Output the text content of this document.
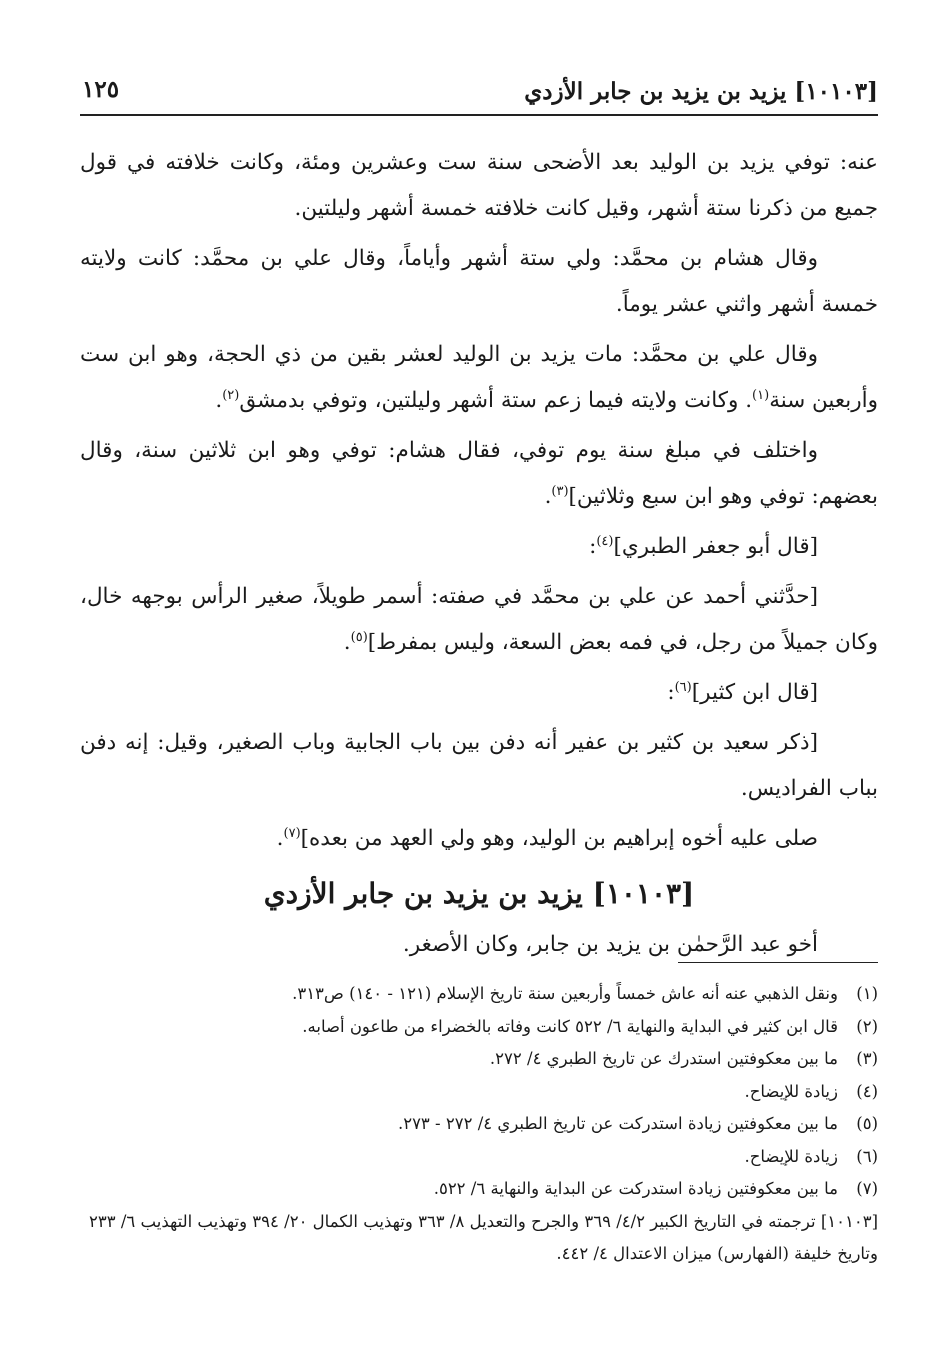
[١٠١٠٣] يزيد بن يزيد بن جابر الأزدي
١٢٥

عنه: توفي يزيد بن الوليد بعد الأضحى سنة ست وعشرين ومئة، وكانت خلافته في قول جميع من ذكرنا ستة أشهر، وقيل كانت خلافته خمسة أشهر وليلتين.

وقال هشام بن محمَّد: ولي ستة أشهر وأياماً، وقال علي بن محمَّد: كانت ولايته خمسة أشهر واثني عشر يوماً.

وقال علي بن محمَّد: مات يزيد بن الوليد لعشر بقين من ذي الحجة، وهو ابن ست وأربعين سنة$^{(١)}$. وكانت ولايته فيما زعم ستة أشهر وليلتين، وتوفي بدمشق$^{(٢)}$.

واختلف في مبلغ سنة يوم توفي، فقال هشام: توفي وهو ابن ثلاثين سنة، وقال بعضهم: توفي وهو ابن سبع وثلاثين]$^{(٣)}$.

[قال أبو جعفر الطبري]$^{(٤)}$:

[حدَّثني أحمد عن علي بن محمَّد في صفته: أسمر طويلاً، صغير الرأس بوجهه خال، وكان جميلاً من رجل، في فمه بعض السعة، وليس بمفرط]$^{(٥)}$.

[قال ابن كثير]$^{(٦)}$:

[ذكر سعيد بن كثير بن عفير أنه دفن بين باب الجابية وباب الصغير، وقيل: إنه دفن بباب الفراديس.

صلى عليه أخوه إبراهيم بن الوليد، وهو ولي العهد من بعده]$^{(٧)}$.

[١٠١٠٣] يزيد بن يزيد بن جابر الأزدي

أخو عبد الرَّحمٰن بن يزيد بن جابر، وكان الأصغر.

(١)ونقل الذهبي عنه أنه عاش خمساً وأربعين سنة تاريخ الإسلام (١٢١ - ١٤٠) ص٣١٣.

(٢)قال ابن كثير في البداية والنهاية ٦/ ٥٢٢ كانت وفاته بالخضراء من طاعون أصابه.

(٣)ما بين معكوفتين استدرك عن تاريخ الطبري ٤/ ٢٧٢.

(٤)زيادة للإيضاح.

(٥)ما بين معكوفتين زيادة استدركت عن تاريخ الطبري ٤/ ٢٧٢ - ٢٧٣.

(٦)زيادة للإيضاح.

(٧)ما بين معكوفتين زيادة استدركت عن البداية والنهاية ٦/ ٥٢٢.

[١٠١٠٣] ترجمته في التاريخ الكبير ٤/٢/ ٣٦٩ والجرح والتعديل ٨/ ٣٦٣ وتهذيب الكمال ٢٠/ ٣٩٤ وتهذيب التهذيب ٦/ ٢٣٣ وتاريخ خليفة (الفهارس) ميزان الاعتدال ٤/ ٤٤٢.
